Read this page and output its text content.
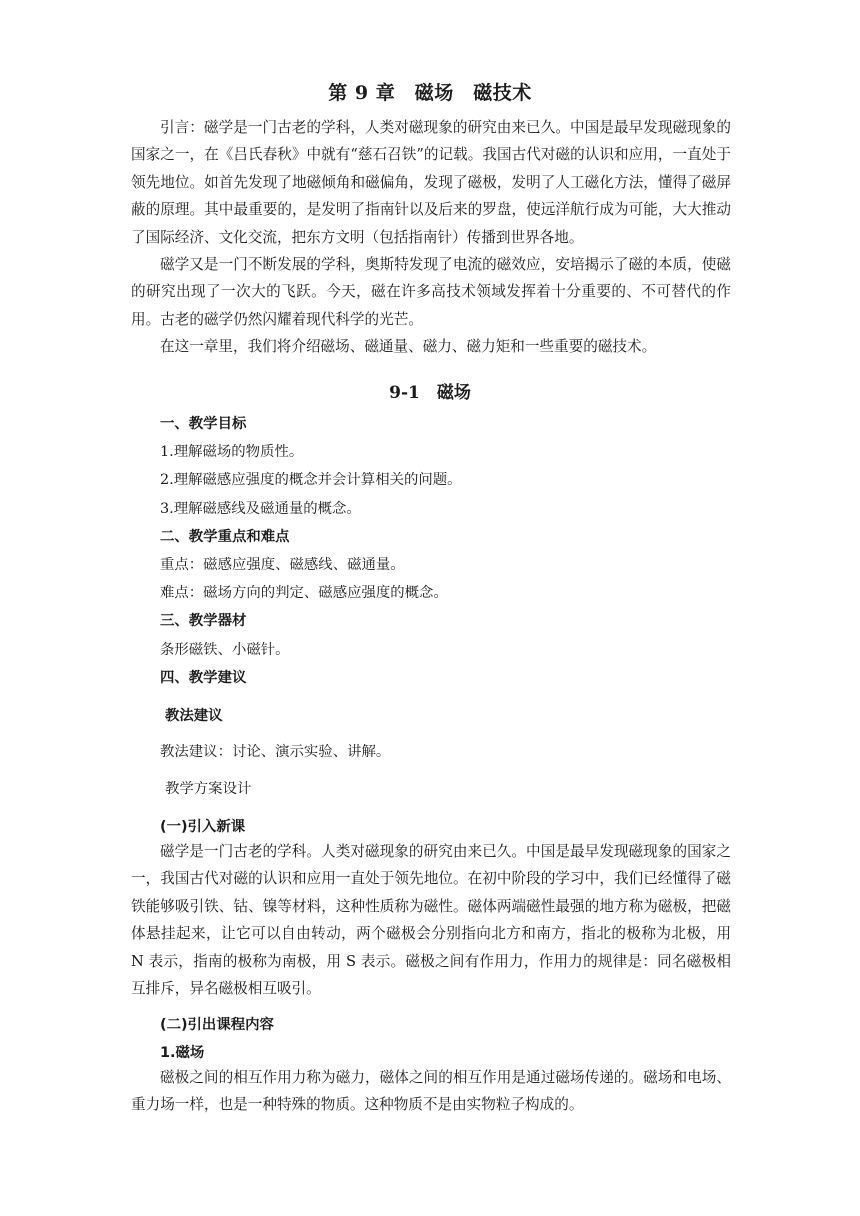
第 9 章　磁场　磁技术

引言：磁学是一门古老的学科，人类对磁现象的研究由来已久。中国是最早发现磁现象的国家之一，在《吕氏春秋》中就有“慈石召铁”的记载。我国古代对磁的认识和应用，一直处于领先地位。如首先发现了地磁倾角和磁偏角，发现了磁极，发明了人工磁化方法，懂得了磁屏蔽的原理。其中最重要的，是发明了指南针以及后来的罗盘，使远洋航行成为可能，大大推动了国际经济、文化交流，把东方文明（包括指南针）传播到世界各地。

磁学又是一门不断发展的学科，奥斯特发现了电流的磁效应，安培揭示了磁的本质，使磁的研究出现了一次大的飞跃。今天，磁在许多高技术领域发挥着十分重要的、不可替代的作用。古老的磁学仍然闪耀着现代科学的光芒。

在这一章里，我们将介绍磁场、磁通量、磁力、磁力矩和一些重要的磁技术。

9-1　磁场
一、教学目标
1.理解磁场的物质性。
2.理解磁感应强度的概念并会计算相关的问题。
3.理解磁感线及磁通量的概念。
二、教学重点和难点
重点：磁感应强度、磁感线、磁通量。
难点：磁场方向的判定、磁感应强度的概念。
三、教学器材
条形磁铁、小磁针。
四、教学建议
教法建议
教法建议：讨论、演示实验、讲解。
教学方案设计
(一)引入新课

磁学是一门古老的学科。人类对磁现象的研究由来已久。中国是最早发现磁现象的国家之一，我国古代对磁的认识和应用一直处于领先地位。在初中阶段的学习中，我们已经懂得了磁铁能够吸引铁、钴、镍等材料，这种性质称为磁性。磁体两端磁性最强的地方称为磁极，把磁体悬挂起来，让它可以自由转动，两个磁极会分别指向北方和南方，指北的极称为北极，用 N 表示，指南的极称为南极，用 S 表示。磁极之间有作用力，作用力的规律是：同名磁极相互排斥，异名磁极相互吸引。

(二)引出课程内容
1.磁场

磁极之间的相互作用力称为磁力，磁体之间的相互作用是通过磁场传递的。磁场和电场、重力场一样，也是一种特殊的物质。这种物质不是由实物粒子构成的。
